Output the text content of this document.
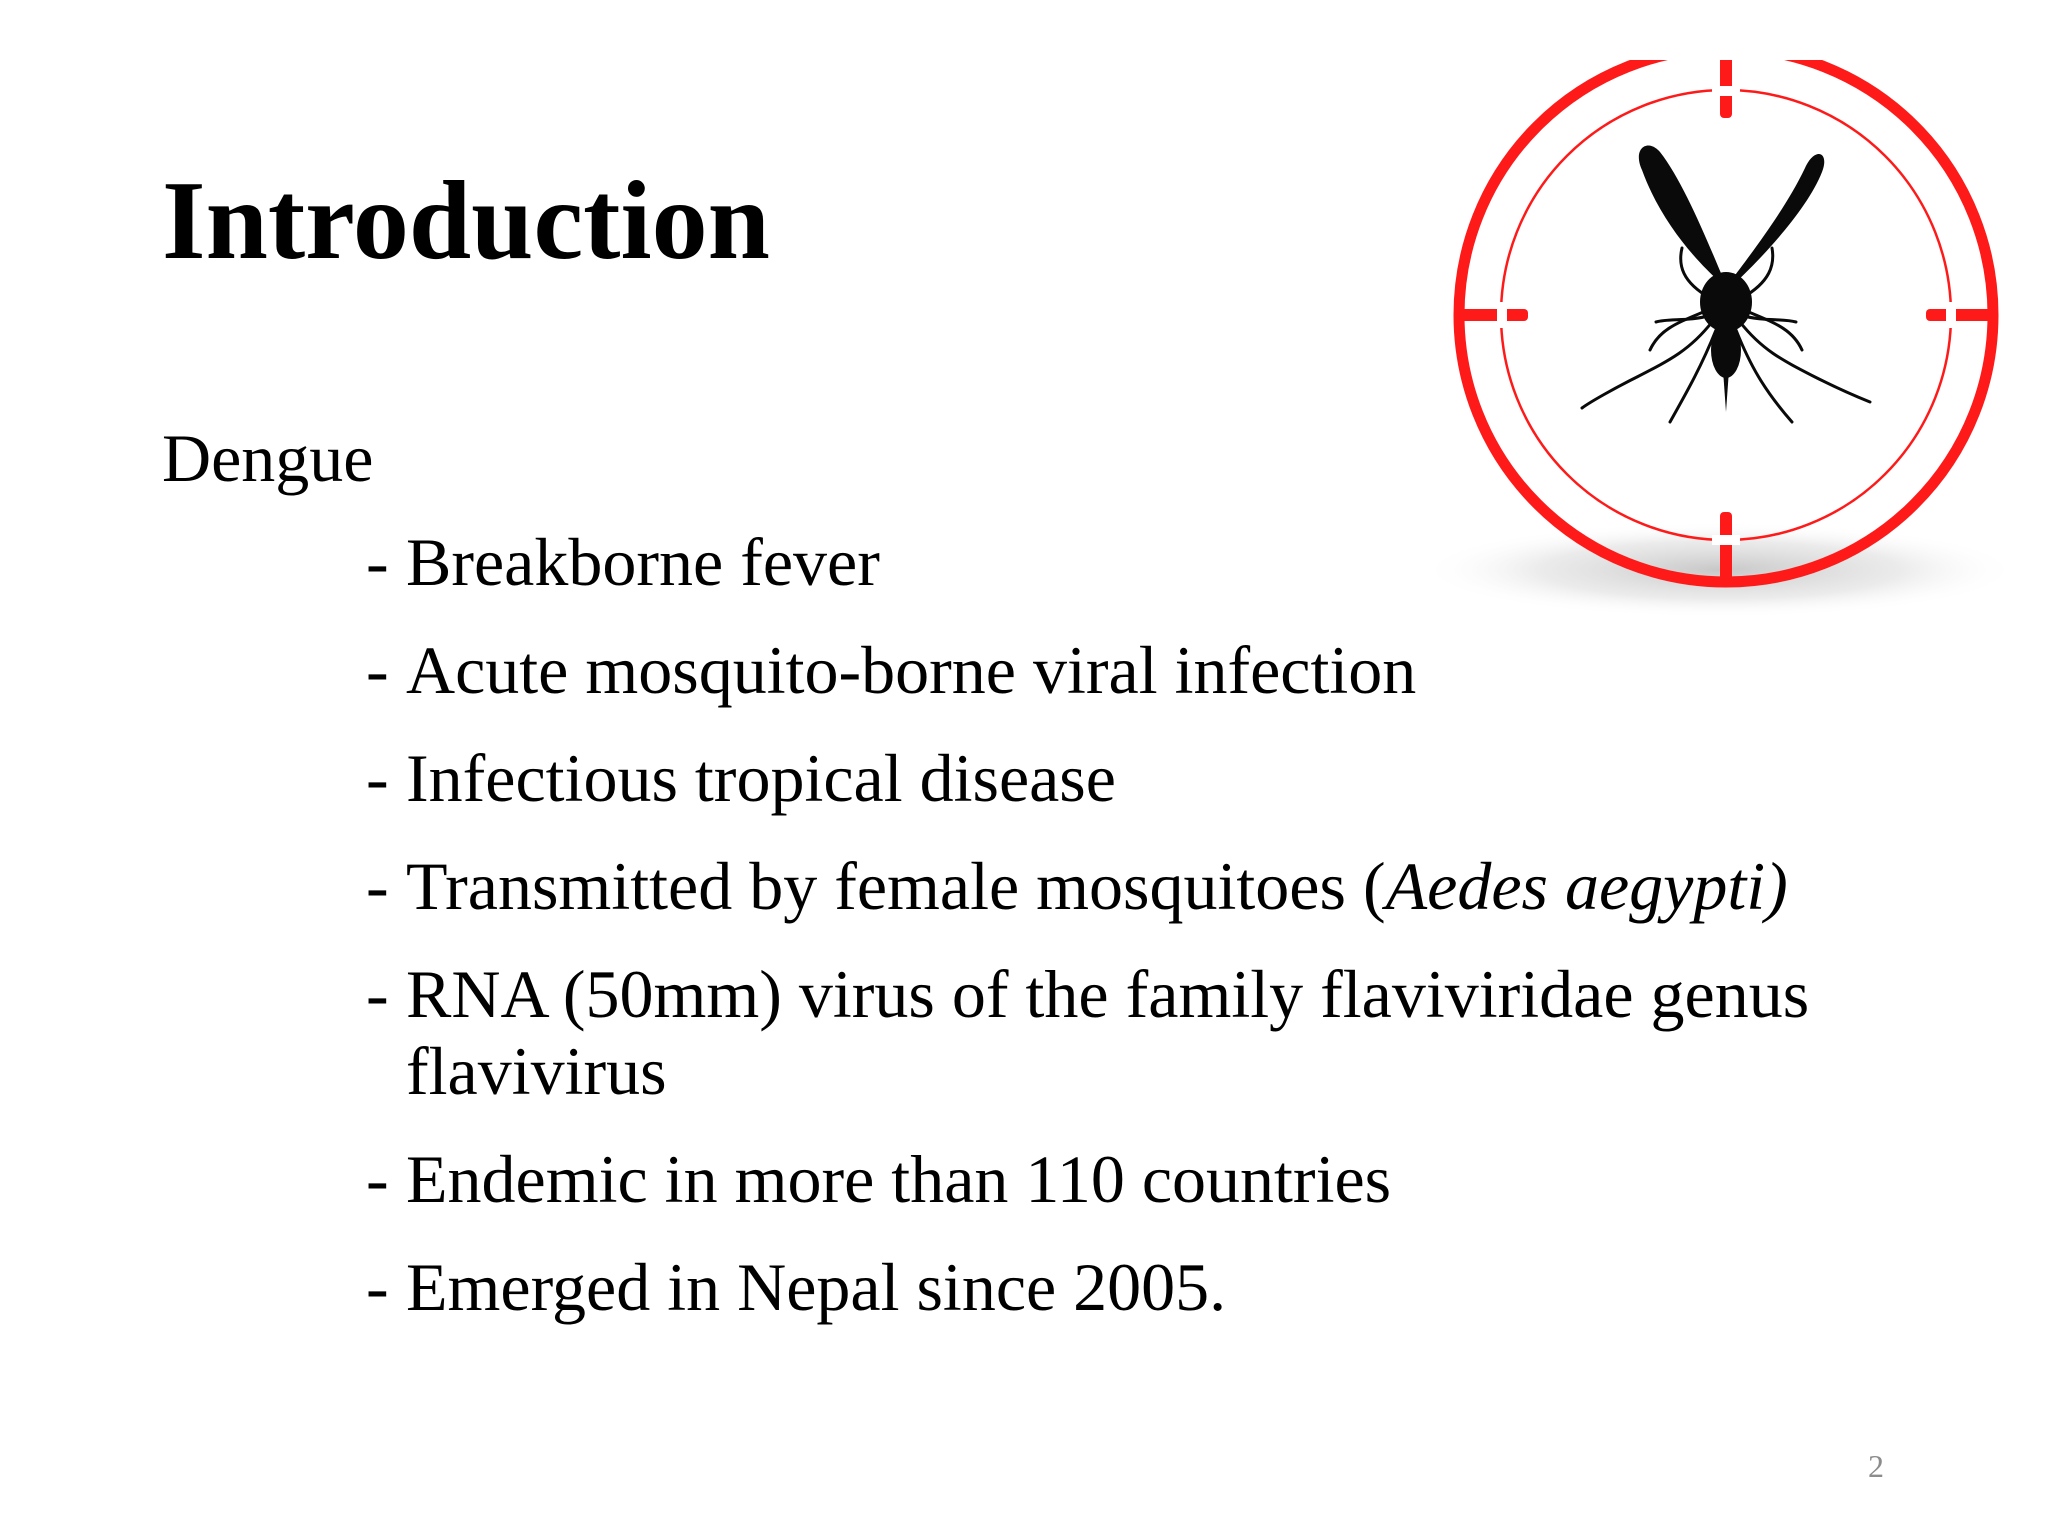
Introduction
Dengue
- Breakborne fever
- Acute mosquito-borne viral infection
- Infectious tropical disease
- Transmitted by female mosquitoes (Aedes aegypti)
- RNA (50mm) virus of the family flaviviridae genus flavivirus
- Endemic in more than 110 countries
- Emerged in Nepal since 2005.
2
